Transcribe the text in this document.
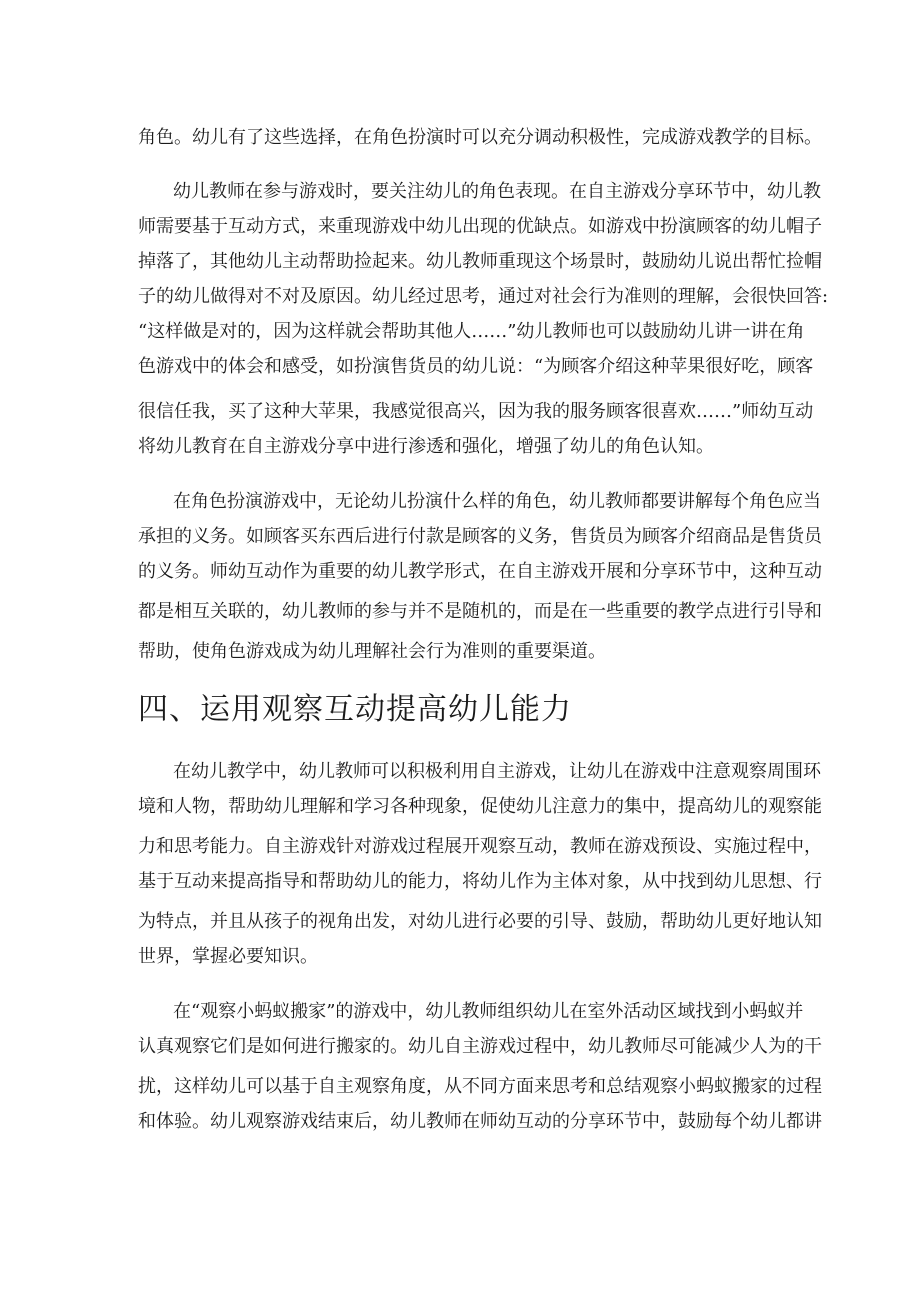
角色。幼儿有了这些选择，在角色扮演时可以充分调动积极性，完成游戏教学的目标。
幼儿教师在参与游戏时，要关注幼儿的角色表现。在自主游戏分享环节中，幼儿教
师需要基于互动方式，来重现游戏中幼儿出现的优缺点。如游戏中扮演顾客的幼儿帽子
掉落了，其他幼儿主动帮助捡起来。幼儿教师重现这个场景时，鼓励幼儿说出帮忙捡帽
子的幼儿做得对不对及原因。幼儿经过思考，通过对社会行为准则的理解，会很快回答:
“这样做是对的，因为这样就会帮助其他人……”幼儿教师也可以鼓励幼儿讲一讲在角
色游戏中的体会和感受，如扮演售货员的幼儿说：“为顾客介绍这种苹果很好吃，顾客
很信任我，买了这种大苹果，我感觉很高兴，因为我的服务顾客很喜欢……”师幼互动
将幼儿教育在自主游戏分享中进行渗透和强化，增强了幼儿的角色认知。
在角色扮演游戏中，无论幼儿扮演什么样的角色，幼儿教师都要讲解每个角色应当
承担的义务。如顾客买东西后进行付款是顾客的义务，售货员为顾客介绍商品是售货员
的义务。师幼互动作为重要的幼儿教学形式，在自主游戏开展和分享环节中，这种互动
都是相互关联的，幼儿教师的参与并不是随机的，而是在一些重要的教学点进行引导和
帮助，使角色游戏成为幼儿理解社会行为准则的重要渠道。
四、运用观察互动提高幼儿能力
在幼儿教学中，幼儿教师可以积极利用自主游戏，让幼儿在游戏中注意观察周围环
境和人物，帮助幼儿理解和学习各种现象，促使幼儿注意力的集中，提高幼儿的观察能
力和思考能力。自主游戏针对游戏过程展开观察互动，教师在游戏预设、实施过程中，
基于互动来提高指导和帮助幼儿的能力，将幼儿作为主体对象，从中找到幼儿思想、行
为特点，并且从孩子的视角出发，对幼儿进行必要的引导、鼓励，帮助幼儿更好地认知
世界，掌握必要知识。
在“观察小蚂蚁搬家”的游戏中，幼儿教师组织幼儿在室外活动区域找到小蚂蚁并
认真观察它们是如何进行搬家的。幼儿自主游戏过程中，幼儿教师尽可能减少人为的干
扰，这样幼儿可以基于自主观察角度，从不同方面来思考和总结观察小蚂蚁搬家的过程
和体验。幼儿观察游戏结束后，幼儿教师在师幼互动的分享环节中，鼓励每个幼儿都讲
